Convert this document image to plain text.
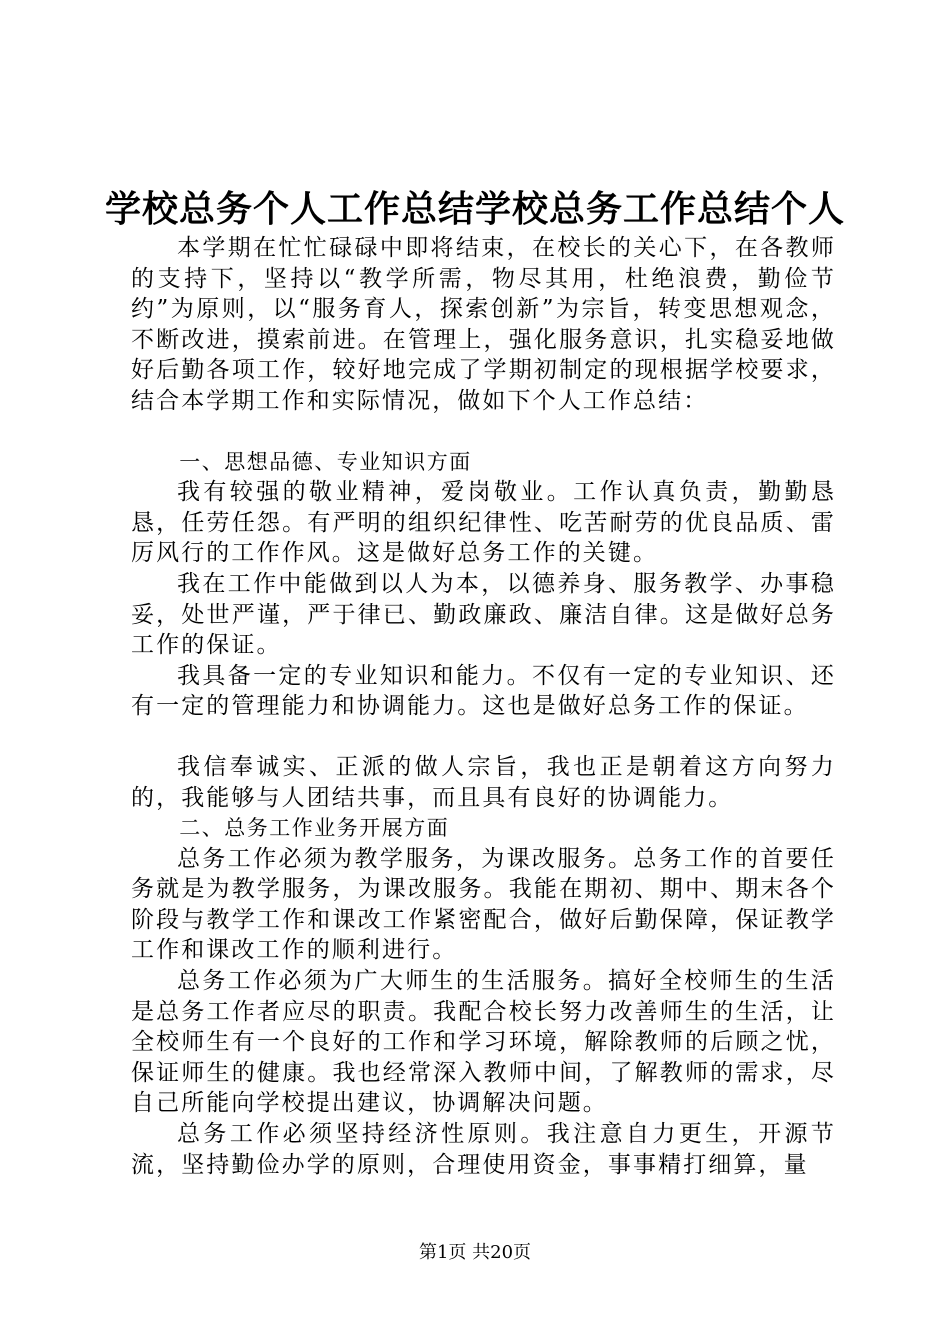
学校总务个人工作总结学校总务工作总结个人

本学期在忙忙碌碌中即将结束，在校长的关心下，在各教师的支持下，坚持以“教学所需，物尽其用，杜绝浪费，勤俭节约”为原则，以“服务育人，探索创新”为宗旨，转变思想观念，不断改进，摸索前进。在管理上，强化服务意识，扎实稳妥地做好后勤各项工作，较好地完成了学期初制定的现根据学校要求，结合本学期工作和实际情况，做如下个人工作总结：

一、思想品德、专业知识方面

我有较强的敬业精神，爱岗敬业。工作认真负责，勤勤恳恳，任劳任怨。有严明的组织纪律性、吃苦耐劳的优良品质、雷厉风行的工作作风。这是做好总务工作的关键。

我在工作中能做到以人为本，以德养身、服务教学、办事稳妥，处世严谨，严于律已、勤政廉政、廉洁自律。这是做好总务工作的保证。

我具备一定的专业知识和能力。不仅有一定的专业知识、还有一定的管理能力和协调能力。这也是做好总务工作的保证。

我信奉诚实、正派的做人宗旨，我也正是朝着这方向努力的，我能够与人团结共事，而且具有良好的协调能力。

二、总务工作业务开展方面

总务工作必须为教学服务，为课改服务。总务工作的首要任务就是为教学服务，为课改服务。我能在期初、期中、期末各个阶段与教学工作和课改工作紧密配合，做好后勤保障，保证教学工作和课改工作的顺利进行。

总务工作必须为广大师生的生活服务。搞好全校师生的生活是总务工作者应尽的职责。我配合校长努力改善师生的生活，让全校师生有一个良好的工作和学习环境，解除教师的后顾之忧，保证师生的健康。我也经常深入教师中间，了解教师的需求，尽自己所能向学校提出建议，协调解决问题。

总务工作必须坚持经济性原则。我注意自力更生，开源节流，坚持勤俭办学的原则，合理使用资金，事事精打细算，量

第1页 共20页
